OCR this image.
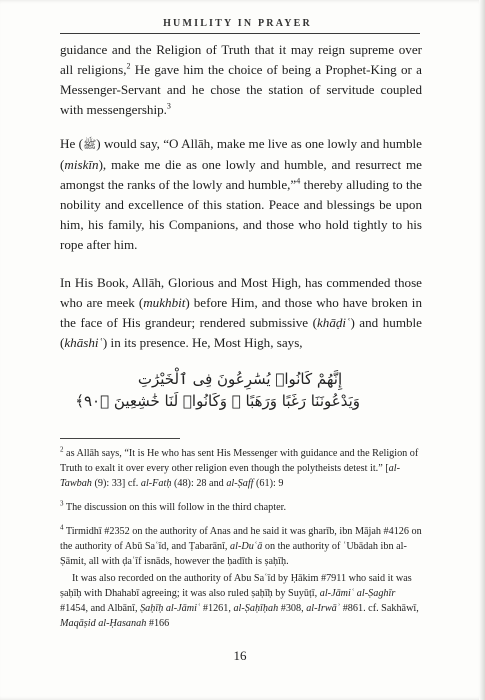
HUMILITY IN PRAYER

guidance and the Religion of Truth that it may reign supreme over all religions,$^2$ He gave him the choice of being a Prophet-King or a Messenger-Servant and he chose the station of servitude coupled with messengership.$^3$

He (ﷺ) would say, “O Allāh, make me live as one lowly and humble (miskīn), make me die as one lowly and humble, and resurrect me amongst the ranks of the lowly and humble,”$^4$ thereby alluding to the nobility and excellence of this station. Peace and blessings be upon him, his family, his Companions, and those who hold tightly to his rope after him.

In His Book, Allāh, Glorious and Most High, has commended those who are meek (mukhbit) before Him, and those who have broken in the face of His grandeur; rendered submissive (khāḍiʿ) and humble (khāshiʿ) in its presence. He, Most High, says,

إِنَّهُمْ كَانُوا۟ يُسَٰرِعُونَ فِى ٱلْخَيْرَٰتِ
وَيَدْعُونَنَا رَغَبًا وَرَهَبًا ۖ وَكَانُوا۟ لَنَا خَٰشِعِينَ ﴿٩٠﴾

$^2$ as Allāh says, “It is He who has sent His Messenger with guidance and the Religion of Truth to exalt it over every other religion even though the polytheists detest it.” [al-Tawbah (9): 33] cf. al-Fatḥ (48): 28 and al-Ṣaff (61): 9

$^3$ The discussion on this will follow in the third chapter.

$^4$ Tirmidhī #2352 on the authority of Anas and he said it was gharīb, ibn Mājah #4126 on the authority of Abū Saʿīd, and Ṭabarānī, al-Duʿā on the authority of ʿUbādah ibn al-Ṣāmit, all with ḍaʿīf isnāds, however the ḥadīth is ṣaḥīḥ.

It was also recorded on the authority of Abu Saʿīd by Ḥākim #7911 who said it was ṣaḥīḥ with Dhahabī agreeing; it was also ruled ṣaḥīḥ by Suyūṭī, al-Jāmiʿ al-Ṣaghīr #1454, and Albānī, Ṣaḥīḥ al-Jāmiʿ #1261, al-Ṣaḥīḥah #308, al-Irwāʾ #861. cf. Sakhāwī, Maqāṣid al-Ḥasanah #166

16
